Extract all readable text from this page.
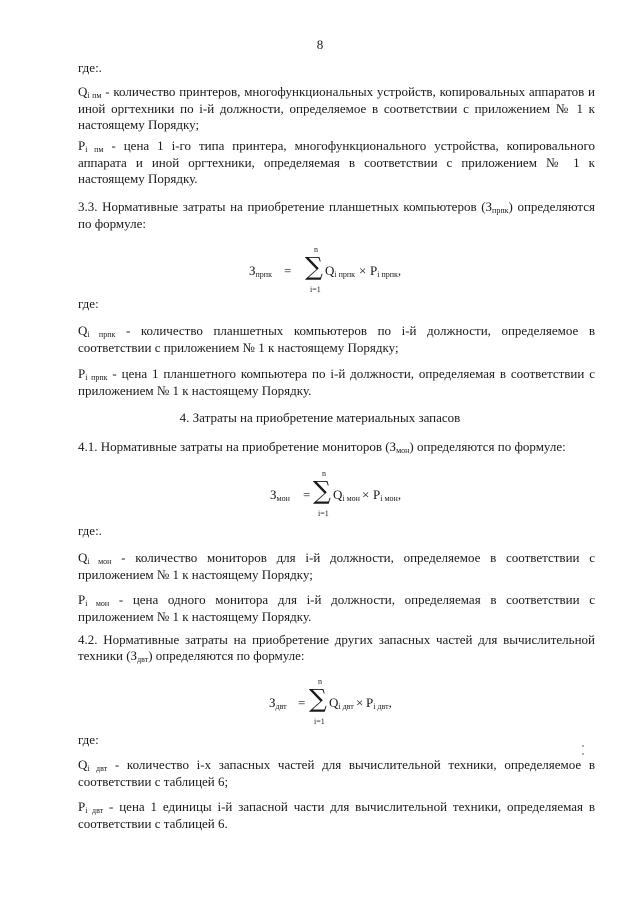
8

где:.

$Q_{i пм}$ - количество принтеров, многофункциональных устройств, копировальных аппаратов и иной оргтехники по i-й должности, определяемое в соответствии с приложением № 1 к настоящему Порядку;

$P_{i пм}$ - цена 1 i-го типа принтера, многофункционального устройства, копировального аппарата и иной оргтехники, определяемая в соответствии с приложением № 1 к настоящему Порядку.

3.3. Нормативные затраты на приобретение планшетных компьютеров $(З_{прпк})$ определяются по формуле:

$З_{прпк}$ =
n
∑
i=1
$Q_{i прпк} \times P_{i прпк}$,

где:

$Q_{i прпк}$ - количество планшетных компьютеров по i-й должности, определяемое в соответствии с приложением № 1 к настоящему Порядку;

$P_{i прпк}$ - цена 1 планшетного компьютера по i-й должности, определяемая в соответствии с приложением № 1 к настоящему Порядку.

4. Затраты на приобретение материальных запасов

4.1. Нормативные затраты на приобретение мониторов $(З_{мон})$ определяются по формуле:

$З_{мон}$ =
n
∑
i=1
$Q_{i мон} \times P_{i мон}$,

где:.

$Q_{i мон}$ - количество мониторов для i-й должности, определяемое в соответствии с приложением № 1 к настоящему Порядку;

$P_{i мон}$ - цена одного монитора для i-й должности, определяемая в соответствии с приложением № 1 к настоящему Порядку.

4.2. Нормативные затраты на приобретение других запасных частей для вычислительной техники $(З_{двт})$ определяются по формуле:

$З_{двт}$ =
n
∑
i=1
$Q_{i двт} \times P_{i двт}$,

где:

$Q_{i двт}$ - количество i-х запасных частей для вычислительной техники, определяемое в соответствии с таблицей 6;

$P_{i двт}$ - цена 1 единицы i-й запасной части для вычислительной техники, определяемая в соответствии с таблицей 6.
